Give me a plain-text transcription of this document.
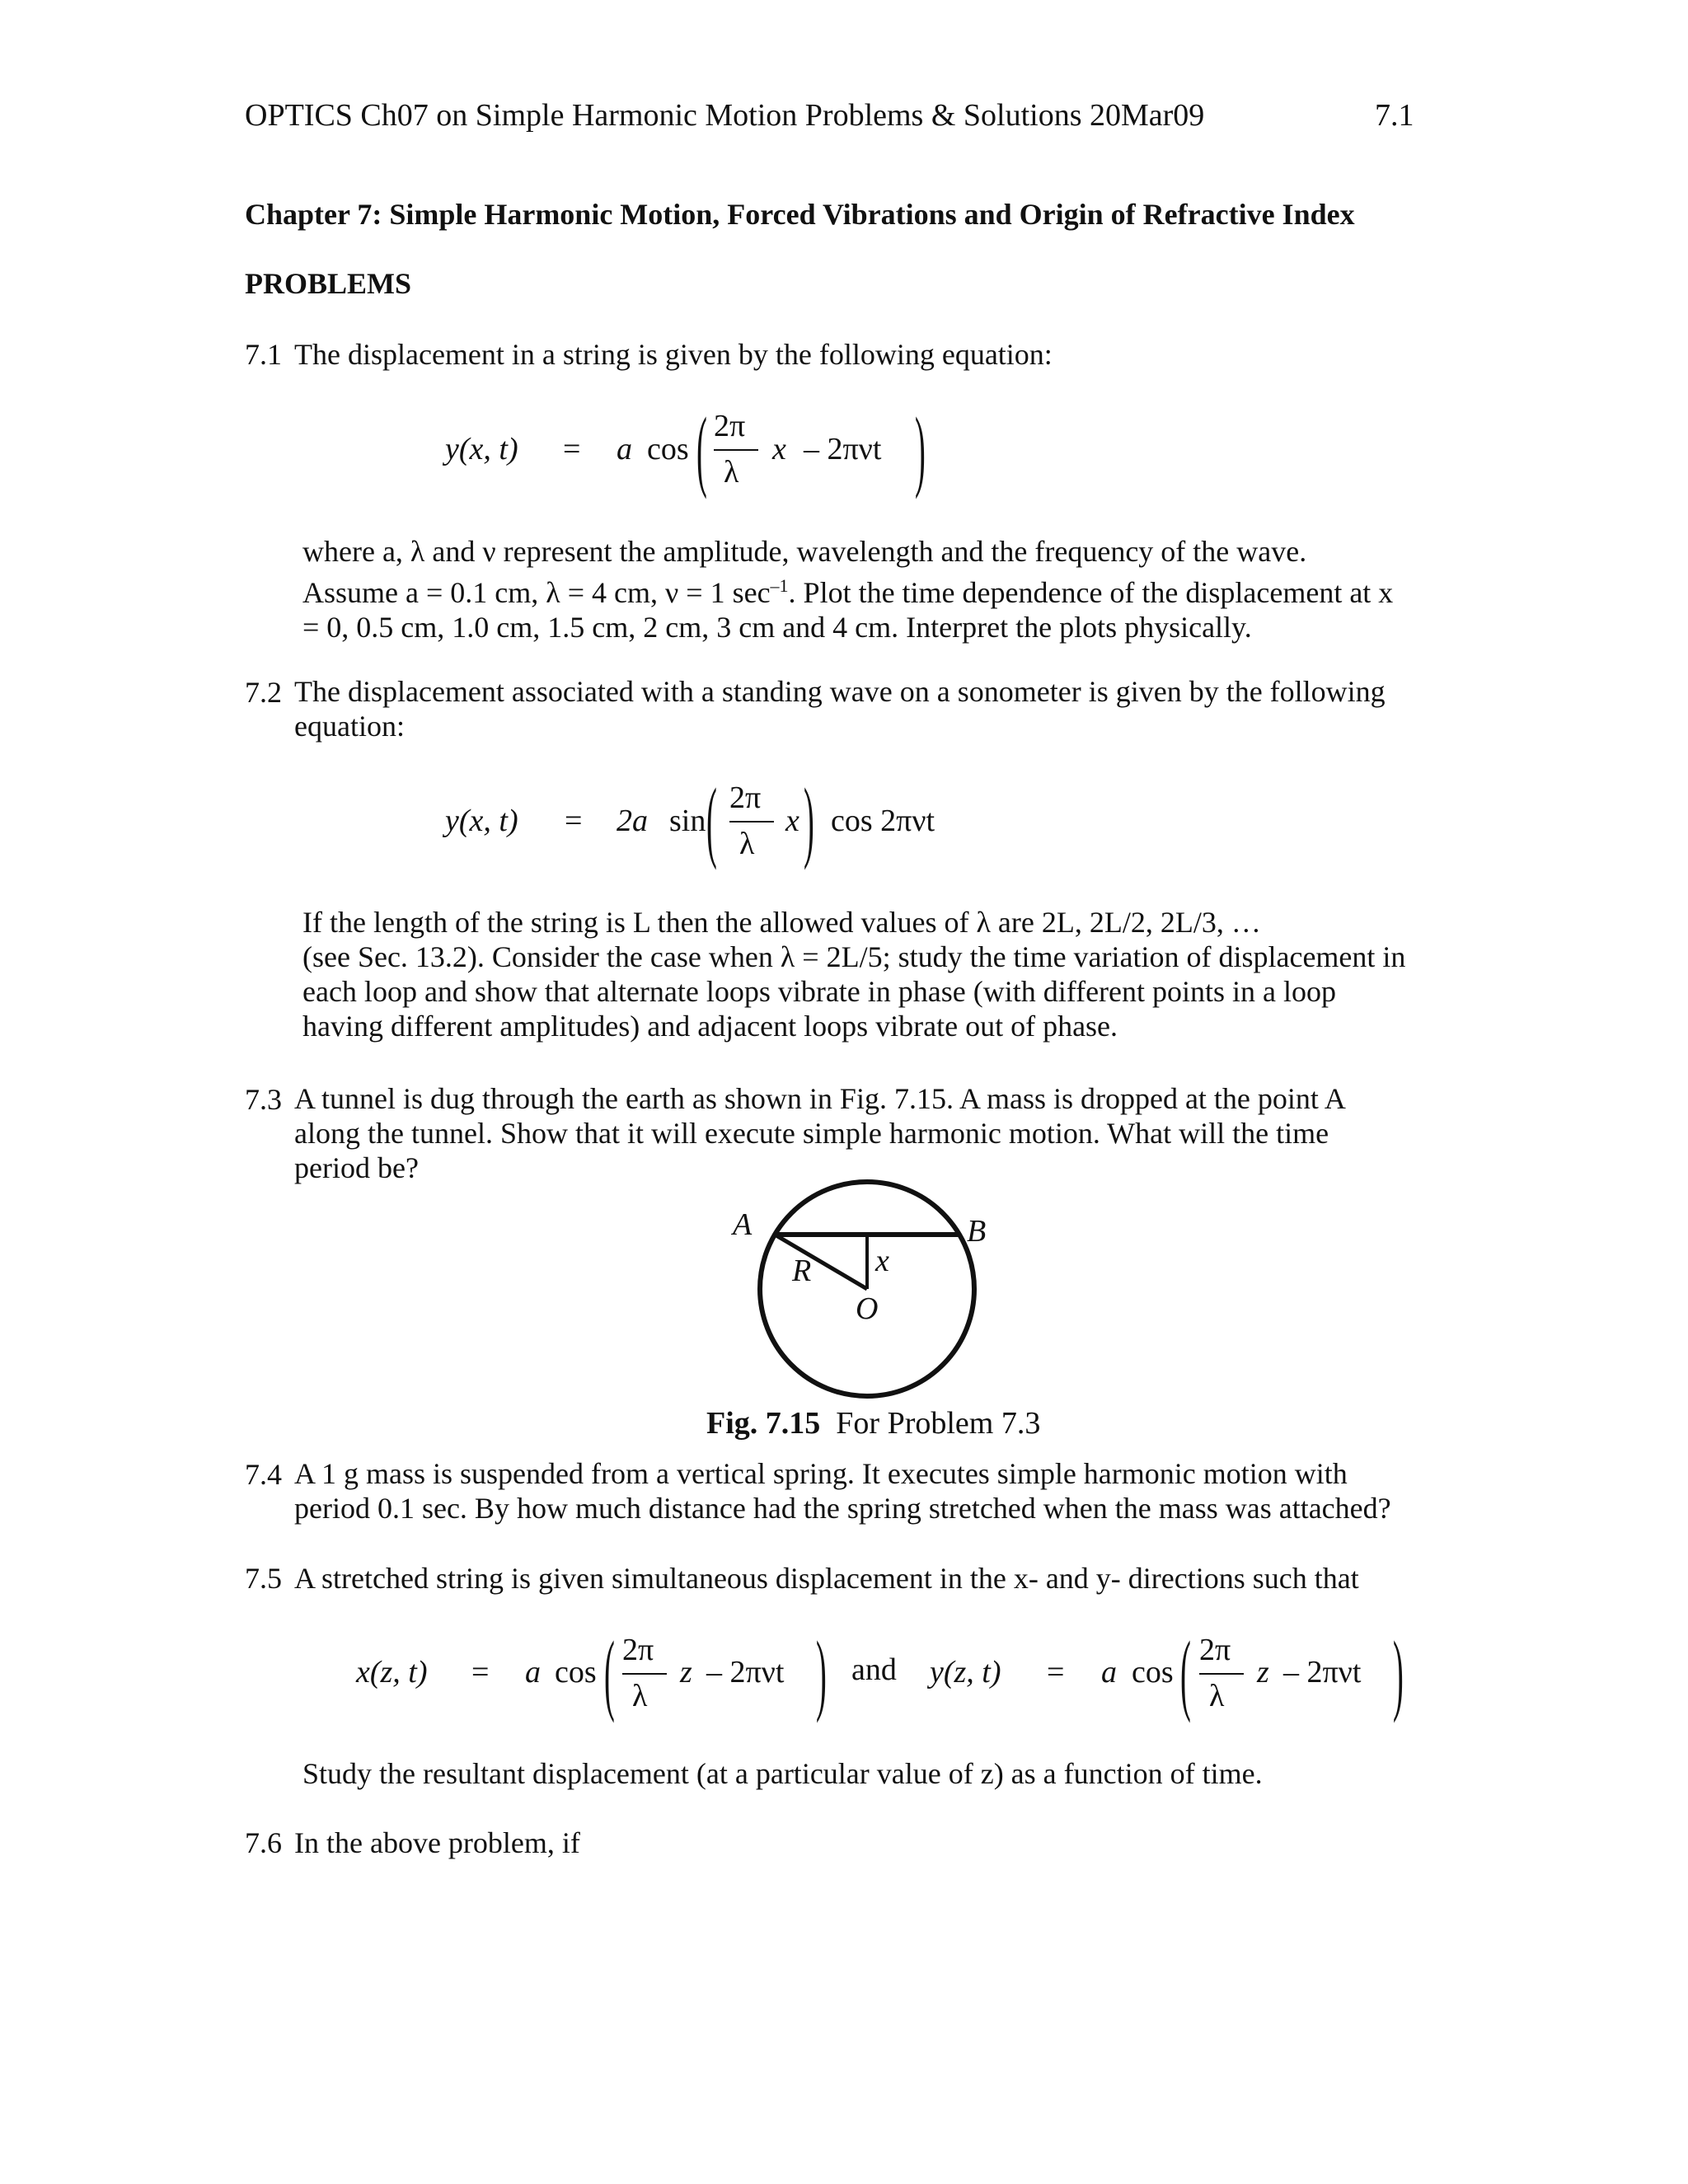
OPTICS Ch07 on Simple Harmonic Motion Problems & Solutions 20Mar09	7.1
Chapter 7: Simple Harmonic Motion, Forced Vibrations and Origin of Refractive Index
PROBLEMS
7.1 The displacement in a string is given by the following equation:
y(x, t) = a cos ( 2π
λ
x – 2πνt )

where a, λ and ν represent the amplitude, wavelength and the frequency of the wave.

Assume a = 0.1 cm, λ = 4 cm, ν = 1 $\sec^{-1}$. Plot the time dependence of the displacement at x

= 0, 0.5 cm, 1.0 cm, 1.5 cm, 2 cm, 3 cm and 4 cm. Interpret the plots physically.

7.2 The displacement associated with a standing wave on a sonometer is given by the following

equation:

y(x, t) = 2a sin ( 2π
λ
x ) cos 2πνt

If the length of the string is L then the allowed values of λ are 2L, 2L/2, 2L/3, …

(see Sec. 13.2). Consider the case when λ = 2L/5; study the time variation of displacement in

each loop and show that alternate loops vibrate in phase (with different points in a loop

having different amplitudes) and adjacent loops vibrate out of phase.

7.3 A tunnel is dug through the earth as shown in Fig. 7.15. A mass is dropped at the point A

along the tunnel. Show that it will execute simple harmonic motion. What will the time

period be?

A	B
R x
O
Fig. 7.15 For Problem 7.3
7.4 A 1 g mass is suspended from a vertical spring. It executes simple harmonic motion with

period 0.1 sec. By how much distance had the spring stretched when the mass was attached?

7.5 A stretched string is given simultaneous displacement in the x- and y- directions such that
x(z, t) = a cos ( 2π
λ
z – 2πνt ) and y(z, t) = a cos ( 2π
λ
z – 2πνt )
Study the resultant displacement (at a particular value of z) as a function of time.
7.6 In the above problem, if
